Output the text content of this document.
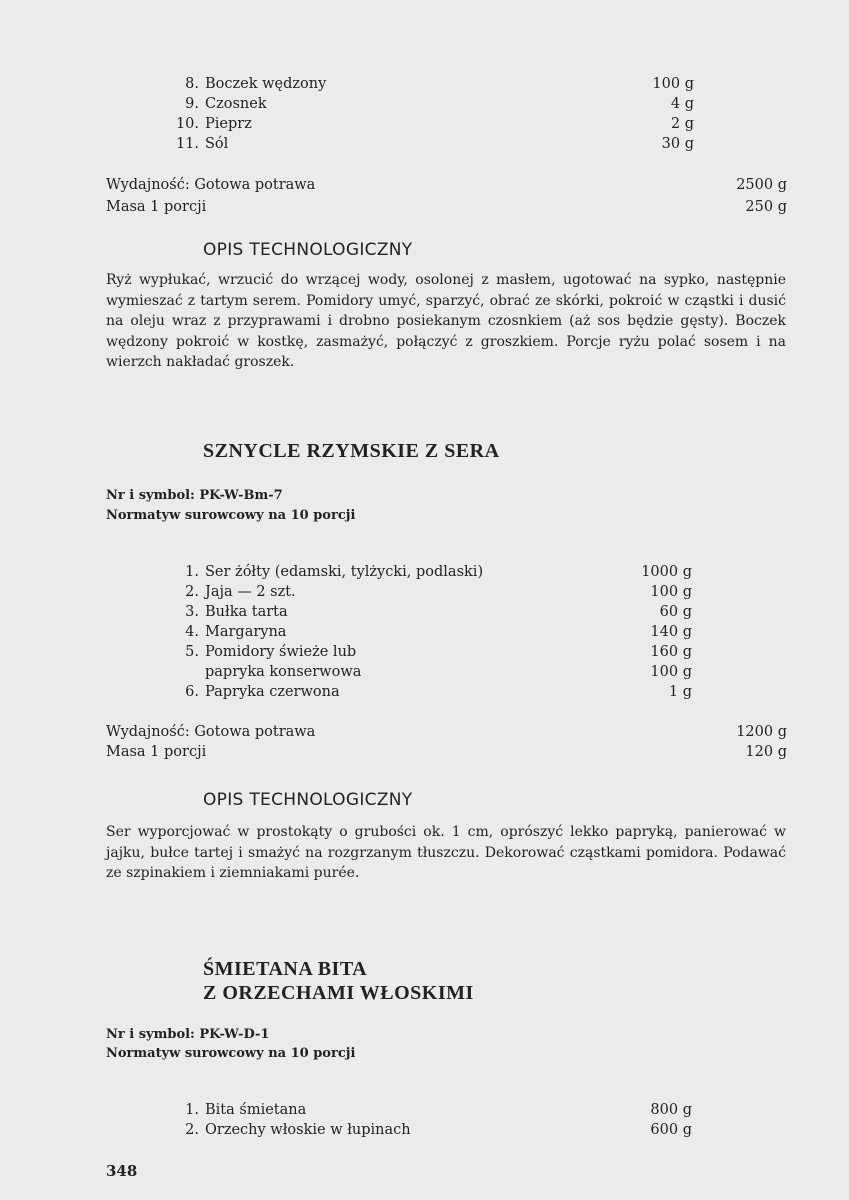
8. Boczek wędzony	100 g
9. Czosnek	4 g
10. Pieprz	2 g
11. Sól	30 g
Wydajność: Gotowa potrawa	2500 g
Masa 1 porcji	250 g
OPIS TECHNOLOGICZNY

Ryż wypłukać, wrzucić do wrzącej wody, osolonej z masłem, ugotować na sypko, następnie wymieszać z tartym serem. Pomidory umyć, sparzyć, obrać ze skórki, pokroić w cząstki i dusić na oleju wraz z przyprawami i drobno posiekanym czosnkiem (aż sos będzie gęsty). Boczek wędzony pokroić w kostkę, zasmażyć, połączyć z groszkiem. Porcje ryżu polać sosem i na wierzch nakładać groszek.

SZNYCLE RZYMSKIE Z SERA
Nr i symbol: PK-W-Bm-7
Normatyw surowcowy na 10 porcji
1. Ser żółty (edamski, tylżycki, podlaski)	1000 g
2. Jaja — 2 szt.	100 g
3. Bułka tarta	60 g
4. Margaryna	140 g
5. Pomidory świeże lub	160 g
papryka konserwowa	100 g
6. Papryka czerwona	1 g
Wydajność: Gotowa potrawa	1200 g
Masa 1 porcji	120 g
OPIS TECHNOLOGICZNY

Ser wyporcjować w prostokąty o grubości ok. 1 cm, oprószyć lekko papryką, panierować w jajku, bułce tartej i smażyć na rozgrzanym tłuszczu. Dekorować cząstkami pomidora. Podawać ze szpinakiem i ziemniakami purée.

ŚMIETANA BITA
Z ORZECHAMI WŁOSKIMI
Nr i symbol: PK-W-D-1
Normatyw surowcowy na 10 porcji
1. Bita śmietana	800 g
2. Orzechy włoskie w łupinach	600 g
348
